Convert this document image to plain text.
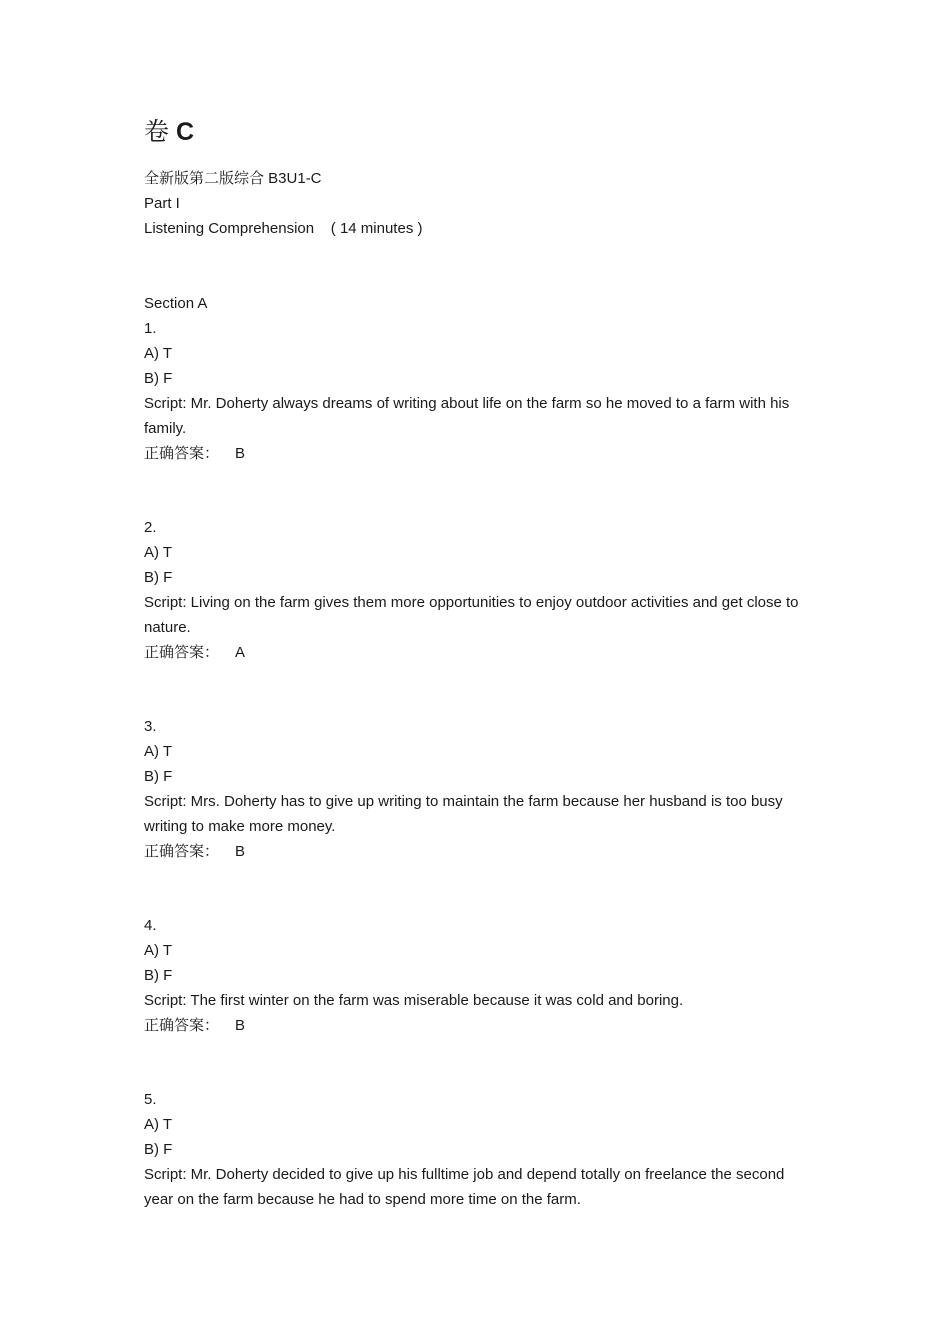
卷 C
全新版第二版综合 B3U1-C
Part I
Listening Comprehension ( 14 minutes )
Section A
1.
A) T
B) F
Script: Mr. Doherty always dreams of writing about life on the farm so he moved to a farm with his family.
正确答案： B
2.
A) T
B) F
Script: Living on the farm gives them more opportunities to enjoy outdoor activities and get close to nature.
正确答案： A
3.
A) T
B) F
Script: Mrs. Doherty has to give up writing to maintain the farm because her husband is too busy writing to make more money.
正确答案： B
4.
A) T
B) F
Script: The first winter on the farm was miserable because it was cold and boring.
正确答案： B
5.
A) T
B) F
Script: Mr. Doherty decided to give up his fulltime job and depend totally on freelance the second year on the farm because he had to spend more time on the farm.
